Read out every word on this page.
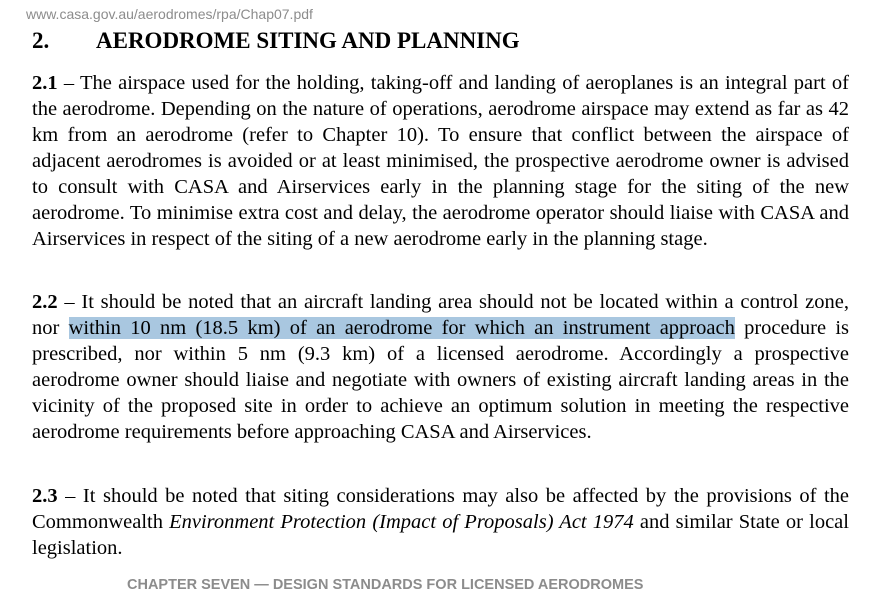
www.casa.gov.au/aerodromes/rpa/Chap07.pdf
2. AERODROME SITING AND PLANNING

2.1 – The airspace used for the holding, taking-off and landing of aeroplanes is an integral part of the aerodrome. Depending on the nature of operations, aerodrome airspace may extend as far as 42 km from an aerodrome (refer to Chapter 10). To ensure that conflict between the airspace of adjacent aerodromes is avoided or at least minimised, the prospective aerodrome owner is advised to consult with CASA and Airservices early in the planning stage for the siting of the new aerodrome. To minimise extra cost and delay, the aerodrome operator should liaise with CASA and Airservices in respect of the siting of a new aerodrome early in the planning stage.

2.2 – It should be noted that an aircraft landing area should not be located within a control zone, nor within 10 nm (18.5 km) of an aerodrome for which an instrument approach procedure is prescribed, nor within 5 nm (9.3 km) of a licensed aerodrome. Accordingly a prospective aerodrome owner should liaise and negotiate with owners of existing aircraft landing areas in the vicinity of the proposed site in order to achieve an optimum solution in meeting the respective aerodrome requirements before approaching CASA and Airservices.

2.3 – It should be noted that siting considerations may also be affected by the provisions of the Commonwealth Environment Protection (Impact of Proposals) Act 1974 and similar State or local legislation.

CHAPTER SEVEN — DESIGN STANDARDS FOR LICENSED AERODROMES
